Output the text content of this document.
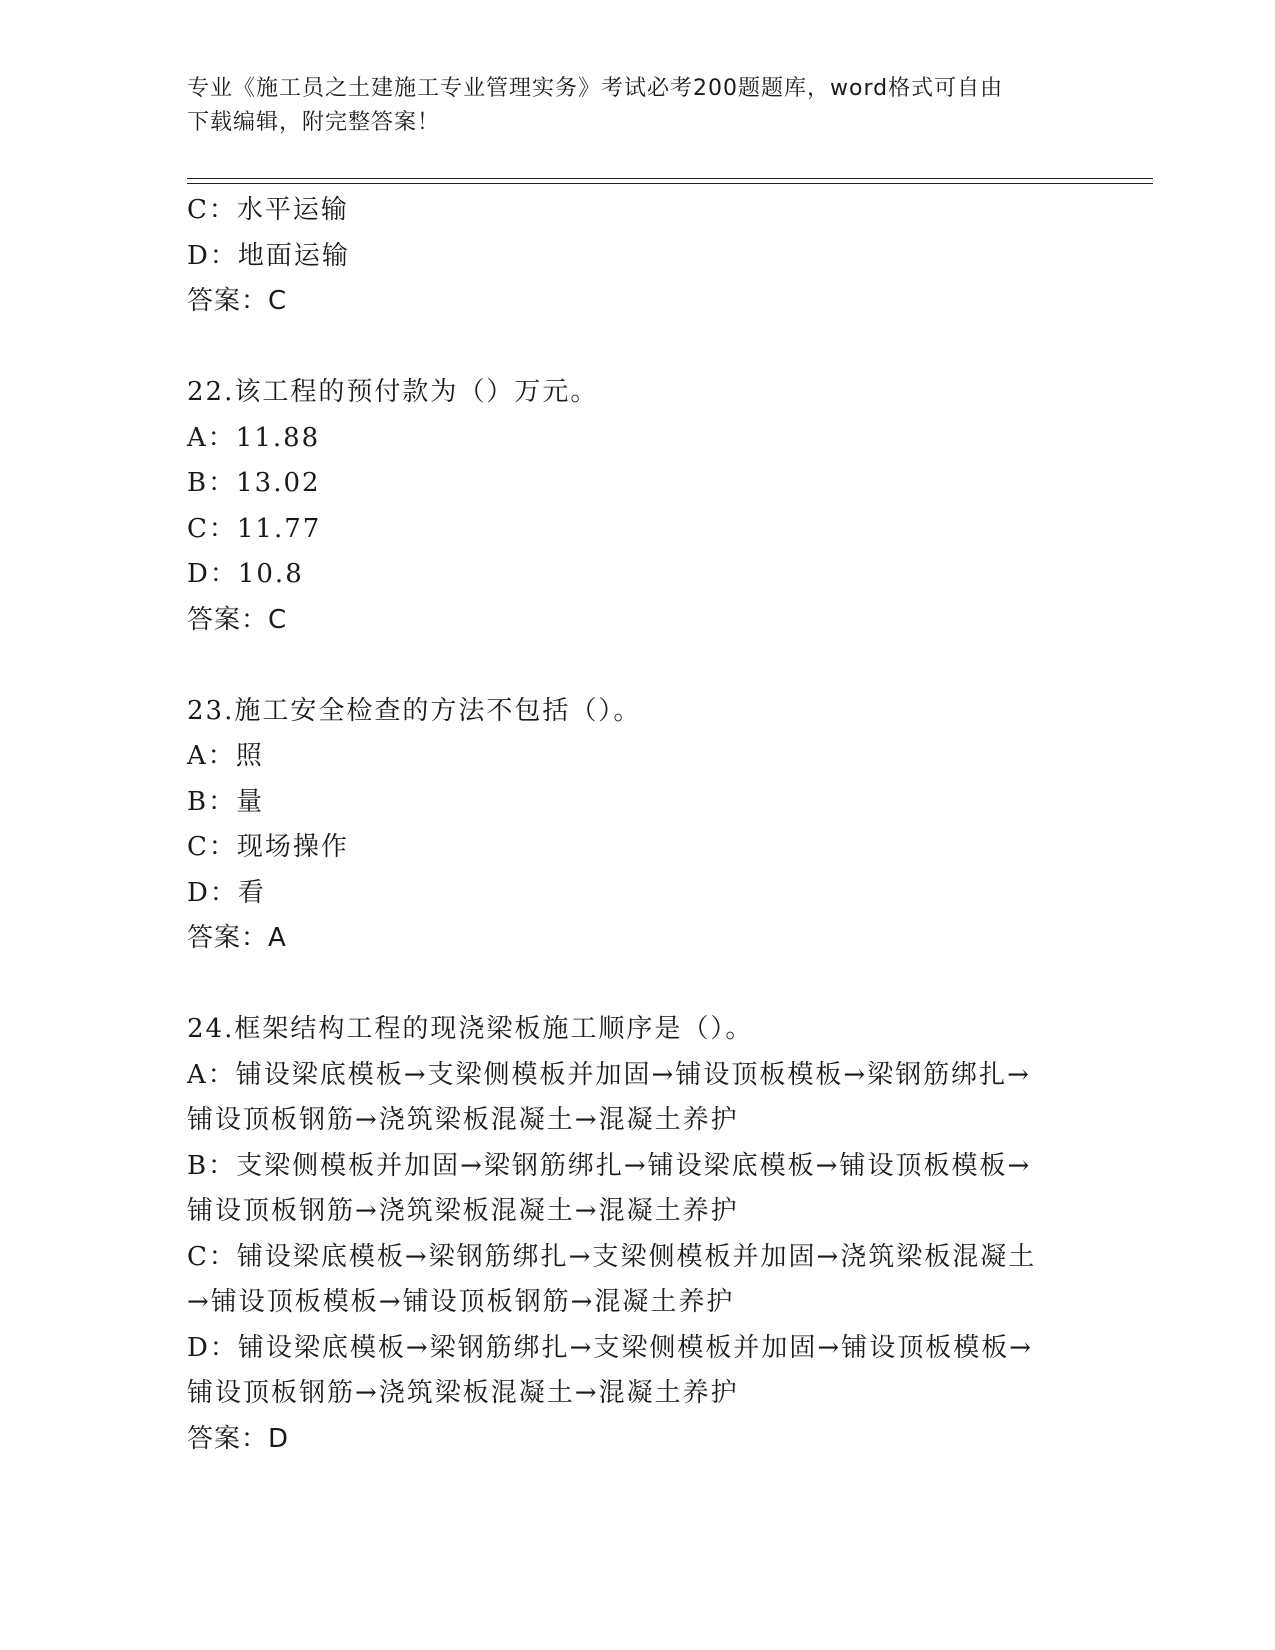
专业《施工员之土建施工专业管理实务》考试必考200题题库，word格式可自由
下载编辑，附完整答案！
C：水平运输
D：地面运输
答案：C
22.该工程的预付款为（）万元。
A：11.88
B：13.02
C：11.77
D：10.8
答案：C
23.施工安全检查的方法不包括（）。
A：照
B：量
C：现场操作
D：看
答案：A
24.框架结构工程的现浇梁板施工顺序是（）。
A：铺设梁底模板→支梁侧模板并加固→铺设顶板模板→梁钢筋绑扎→
铺设顶板钢筋→浇筑梁板混凝土→混凝土养护
B：支梁侧模板并加固→梁钢筋绑扎→铺设梁底模板→铺设顶板模板→
铺设顶板钢筋→浇筑梁板混凝土→混凝土养护
C：铺设梁底模板→梁钢筋绑扎→支梁侧模板并加固→浇筑梁板混凝土
→铺设顶板模板→铺设顶板钢筋→混凝土养护
D：铺设梁底模板→梁钢筋绑扎→支梁侧模板并加固→铺设顶板模板→
铺设顶板钢筋→浇筑梁板混凝土→混凝土养护
答案：D
